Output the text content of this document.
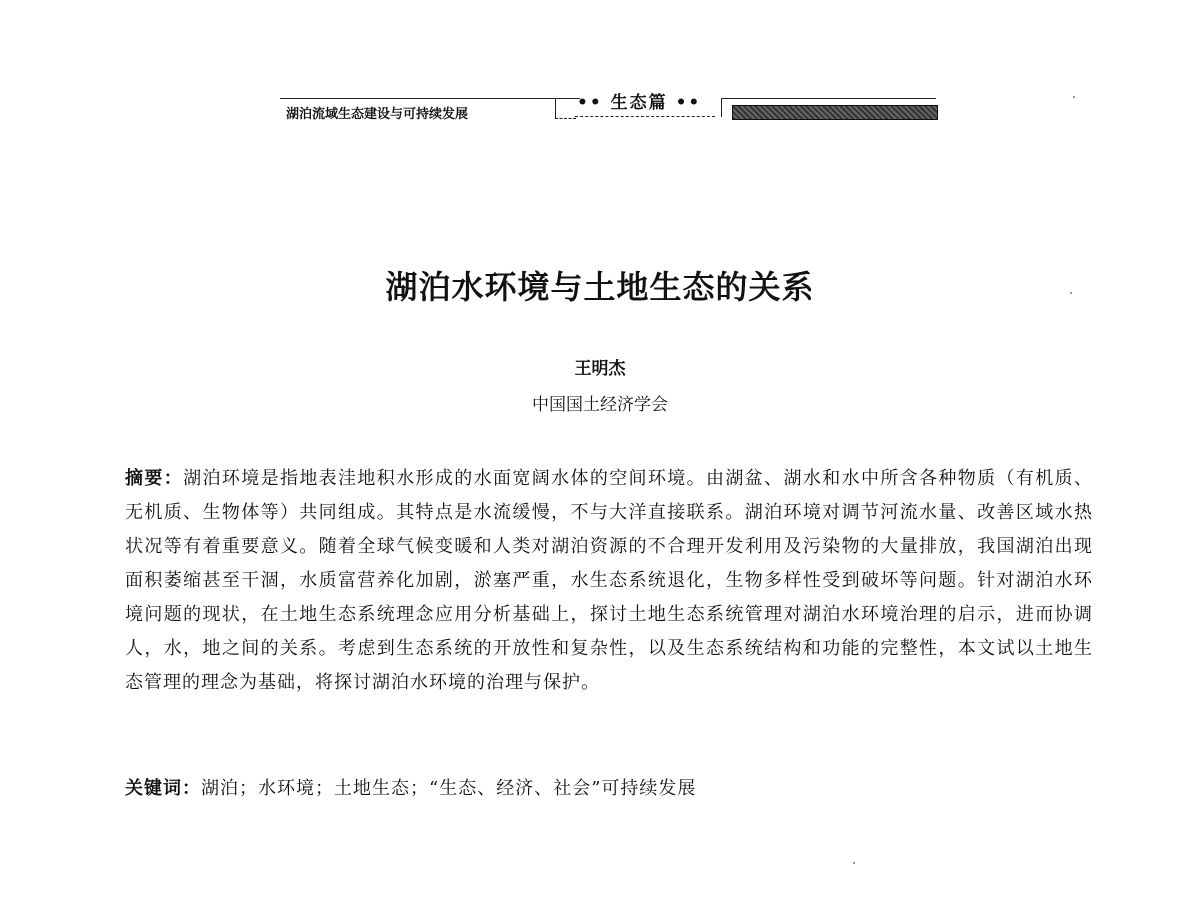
湖泊流域生态建设与可持续发展
•• 生态篇 ••
湖泊水环境与土地生态的关系
王明杰
中国国土经济学会
摘要：湖泊环境是指地表洼地积水形成的水面宽阔水体的空间环境。由湖盆、湖水和水中所含各种物质（有机质、无机质、生物体等）共同组成。其特点是水流缓慢，不与大洋直接联系。湖泊环境对调节河流水量、改善区域水热状况等有着重要意义。随着全球气候变暖和人类对湖泊资源的不合理开发利用及污染物的大量排放，我国湖泊出现面积萎缩甚至干涸，水质富营养化加剧，淤塞严重，水生态系统退化，生物多样性受到破坏等问题。针对湖泊水环境问题的现状，在土地生态系统理念应用分析基础上，探讨土地生态系统管理对湖泊水环境治理的启示，进而协调人，水，地之间的关系。考虑到生态系统的开放性和复杂性，以及生态系统结构和功能的完整性，本文试以土地生态管理的理念为基础，将探讨湖泊水环境的治理与保护。
关键词：湖泊；水环境；土地生态；“生态、经济、社会”可持续发展
